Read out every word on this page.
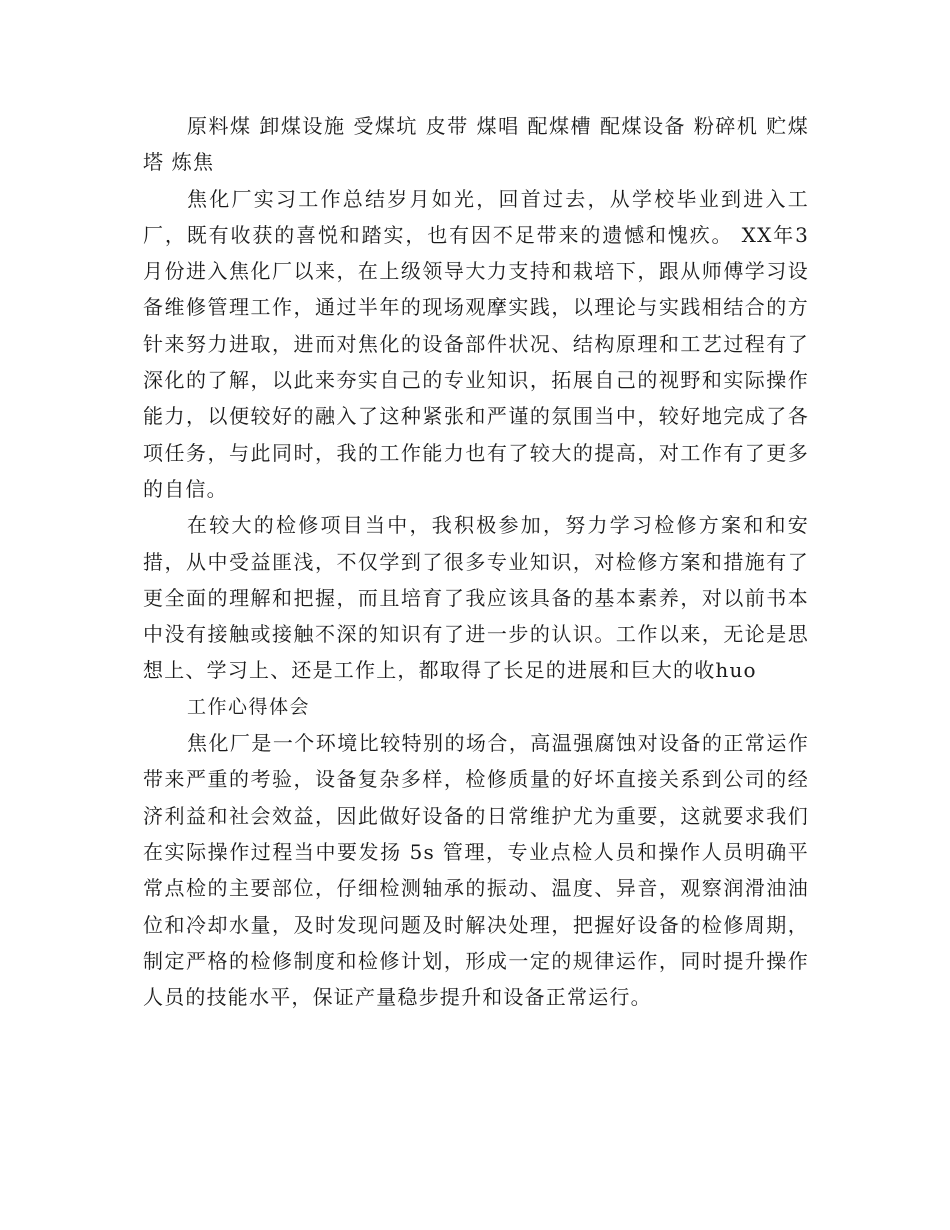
原料煤 卸煤设施 受煤坑 皮带 煤唱 配煤槽 配煤设备 粉碎机 贮煤塔 炼焦

焦化厂实习工作总结岁月如光，回首过去，从学校毕业到进入工厂，既有收获的喜悦和踏实，也有因不足带来的遗憾和愧疚。 XX年3月份进入焦化厂以来，在上级领导大力支持和栽培下，跟从师傅学习设备维修管理工作，通过半年的现场观摩实践，以理论与实践相结合的方针来努力进取，进而对焦化的设备部件状况、结构原理和工艺过程有了深化的了解，以此来夯实自己的专业知识，拓展自己的视野和实际操作能力，以便较好的融入了这种紧张和严谨的氛围当中，较好地完成了各项任务，与此同时，我的工作能力也有了较大的提高，对工作有了更多的自信。

在较大的检修项目当中，我积极参加，努力学习检修方案和和安措，从中受益匪浅，不仅学到了很多专业知识，对检修方案和措施有了更全面的理解和把握，而且培育了我应该具备的基本素养，对以前书本中没有接触或接触不深的知识有了进一步的认识。工作以来，无论是思想上、学习上、还是工作上，都取得了长足的进展和巨大的收huo

工作心得体会

焦化厂是一个环境比较特别的场合，高温强腐蚀对设备的正常运作带来严重的考验，设备复杂多样，检修质量的好坏直接关系到公司的经济利益和社会效益，因此做好设备的日常维护尤为重要，这就要求我们在实际操作过程当中要发扬 5s 管理，专业点检人员和操作人员明确平常点检的主要部位，仔细检测轴承的振动、温度、异音，观察润滑油油位和冷却水量，及时发现问题及时解决处理，把握好设备的检修周期，制定严格的检修制度和检修计划，形成一定的规律运作，同时提升操作人员的技能水平，保证产量稳步提升和设备正常运行。
